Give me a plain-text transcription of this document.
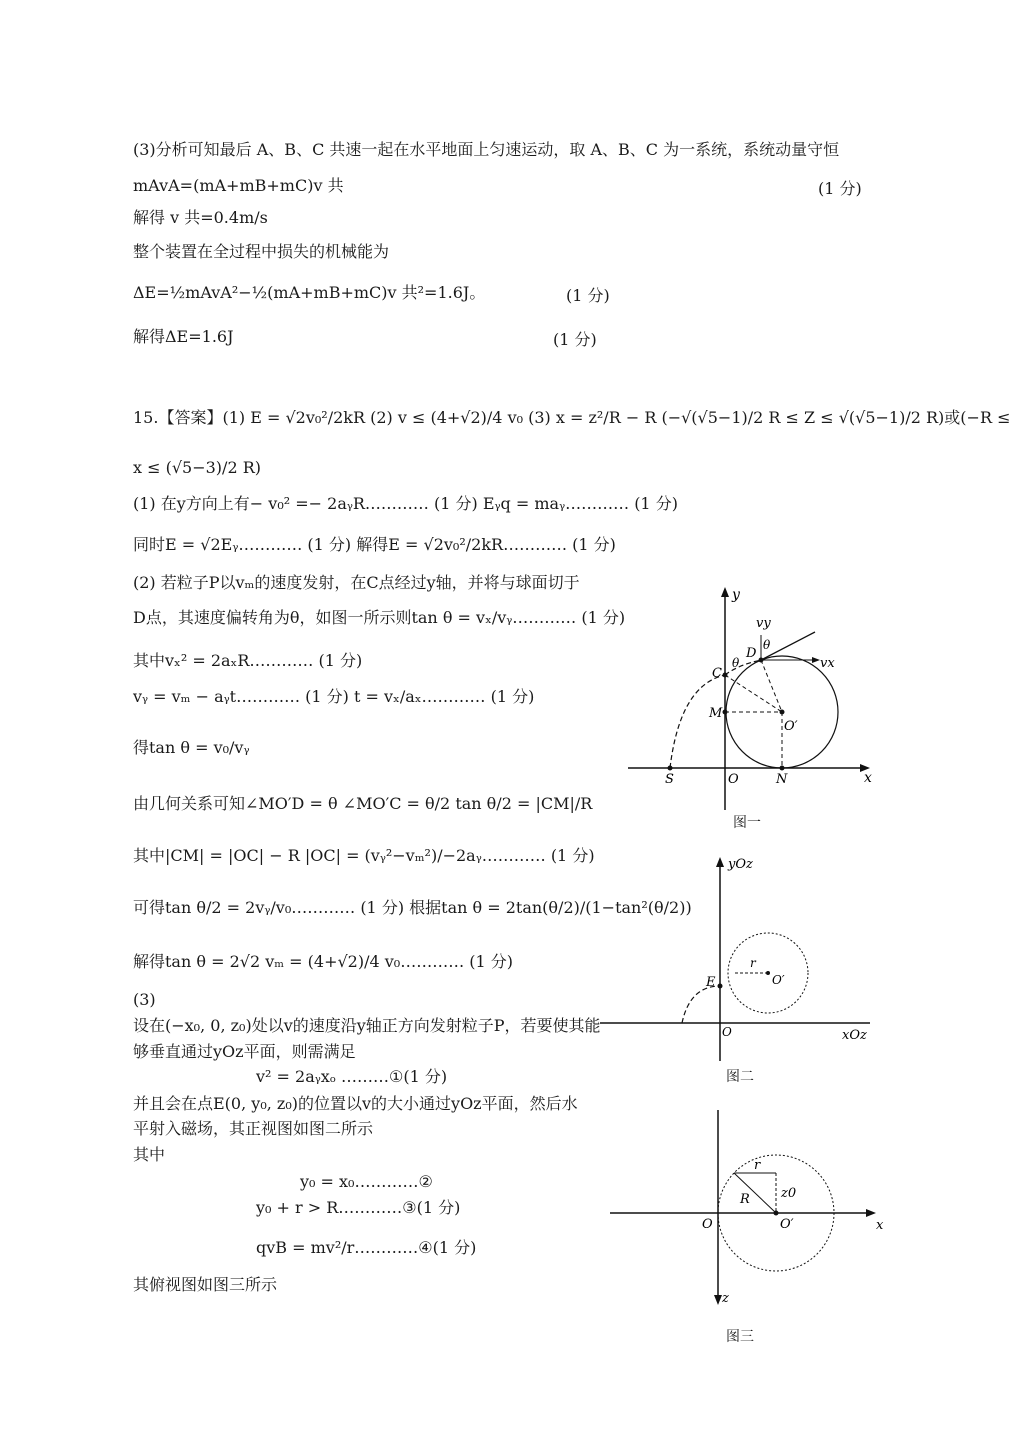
(3)分析可知最后 A、B、C 共速一起在水平地面上匀速运动，取 A、B、C 为一系统，系统动量守恒
mAvA=(mA+mB+mC)v 共	(1 分)
解得 v 共=0.4m/s
整个装置在全过程中损失的机械能为
ΔE=½mAvA²−½(mA+mB+mC)v 共²=1.6J。	(1 分)
解得ΔE=1.6J	(1 分)
15.【答案】(1) E = √2v₀²/2kR (2) v ≤ (4+√2)/4 v₀ (3) x = z²/R − R (−√(√5−1)/2 R ≤ Z ≤ √(√5−1)/2 R)或(−R ≤
x ≤ (√5−3)/2 R)
(1) 在y方向上有− v₀² =− 2aᵧR………… (1 分) Eᵧq = maᵧ………… (1 分)
同时E = √2Eᵧ………… (1 分) 解得E = √2v₀²/2kR………… (1 分)
(2) 若粒子P以vₘ的速度发射，在C点经过y轴，并将与球面切于
D点，其速度偏转角为θ，如图一所示则tan θ = vₓ/vᵧ………… (1 分)
其中vₓ² = 2aₓR………… (1 分)
vᵧ = vₘ − aᵧt………… (1 分) t = vₓ/aₓ………… (1 分)
得tan θ = v₀/vᵧ
由几何关系可知∠MO′D = θ ∠MO′C = θ/2 tan θ/2 = |CM|/R
其中|CM| = |OC| − R |OC| = (vᵧ²−vₘ²)/−2aᵧ………… (1 分)
可得tan θ/2 = 2vᵧ/v₀………… (1 分) 根据tan θ = 2tan(θ/2)/(1−tan²(θ/2))
解得tan θ = 2√2 vₘ = (4+√2)/4 v₀………… (1 分)
(3)
设在(−x₀, 0, z₀)处以v的速度沿y轴正方向发射粒子P，若要使其能
够垂直通过yOz平面，则需满足
v² = 2aᵧxₒ ………①(1 分)
并且会在点E(0, y₀, z₀)的位置以v的大小通过yOz平面，然后水
平射入磁场，其正视图如图二所示
其中
y₀ = x₀…………②
y₀ + r > R…………③(1 分)
qvB = mv²/r…………④(1 分)
其俯视图如图三所示
y
x
vy
vx
θ
θ
D
C
M
O′
S	O	N
图一
yOz
xOz
E
O
r
O′
图二
x
z
O	O′
r
R z0
图三
